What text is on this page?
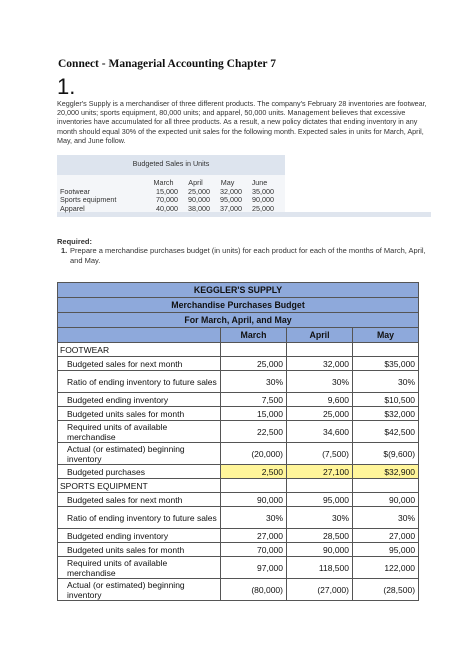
Connect - Managerial Accounting Chapter 7
1.
Keggler's Supply is a merchandiser of three different products. The company's February 28 inventories are footwear, 20,000 units; sports equipment, 80,000 units; and apparel, 50,000 units. Management believes that excessive inventories have accumulated for all three products. As a result, a new policy dictates that ending inventory in any month should equal 30% of the expected unit sales for the following month. Expected sales in units for March, April, May, and June follow.
Budgeted Sales in Units
	March	April	May	June
Footwear	15,000	25,000	32,000	35,000
Sports equipment	70,000	90,000	95,000	90,000
Apparel	40,000	38,000	37,000	25,000
Required:
1. Prepare a merchandise purchases budget (in units) for each product for each of the months of March, April, and May.
KEGGLER'S SUPPLY			
Merchandise Purchases Budget			
For March, April, and May			
	March	April	May
FOOTWEAR			
Budgeted sales for next month	25,000	32,000	$35,000
Ratio of ending inventory to future sales	30%	30%	30%
Budgeted ending inventory	7,500	9,600	$10,500
Budgeted units sales for month	15,000	25,000	$32,000
Required units of available merchandise	22,500	34,600	$42,500
Actual (or estimated) beginning inventory	(20,000)	(7,500)	$(9,600)
Budgeted purchases	2,500	27,100	$32,900
SPORTS EQUIPMENT			
Budgeted sales for next month	90,000	95,000	90,000
Ratio of ending inventory to future sales	30%	30%	30%
Budgeted ending inventory	27,000	28,500	27,000
Budgeted units sales for month	70,000	90,000	95,000
Required units of available merchandise	97,000	118,500	122,000
Actual (or estimated) beginning inventory	(80,000)	(27,000)	(28,500)
